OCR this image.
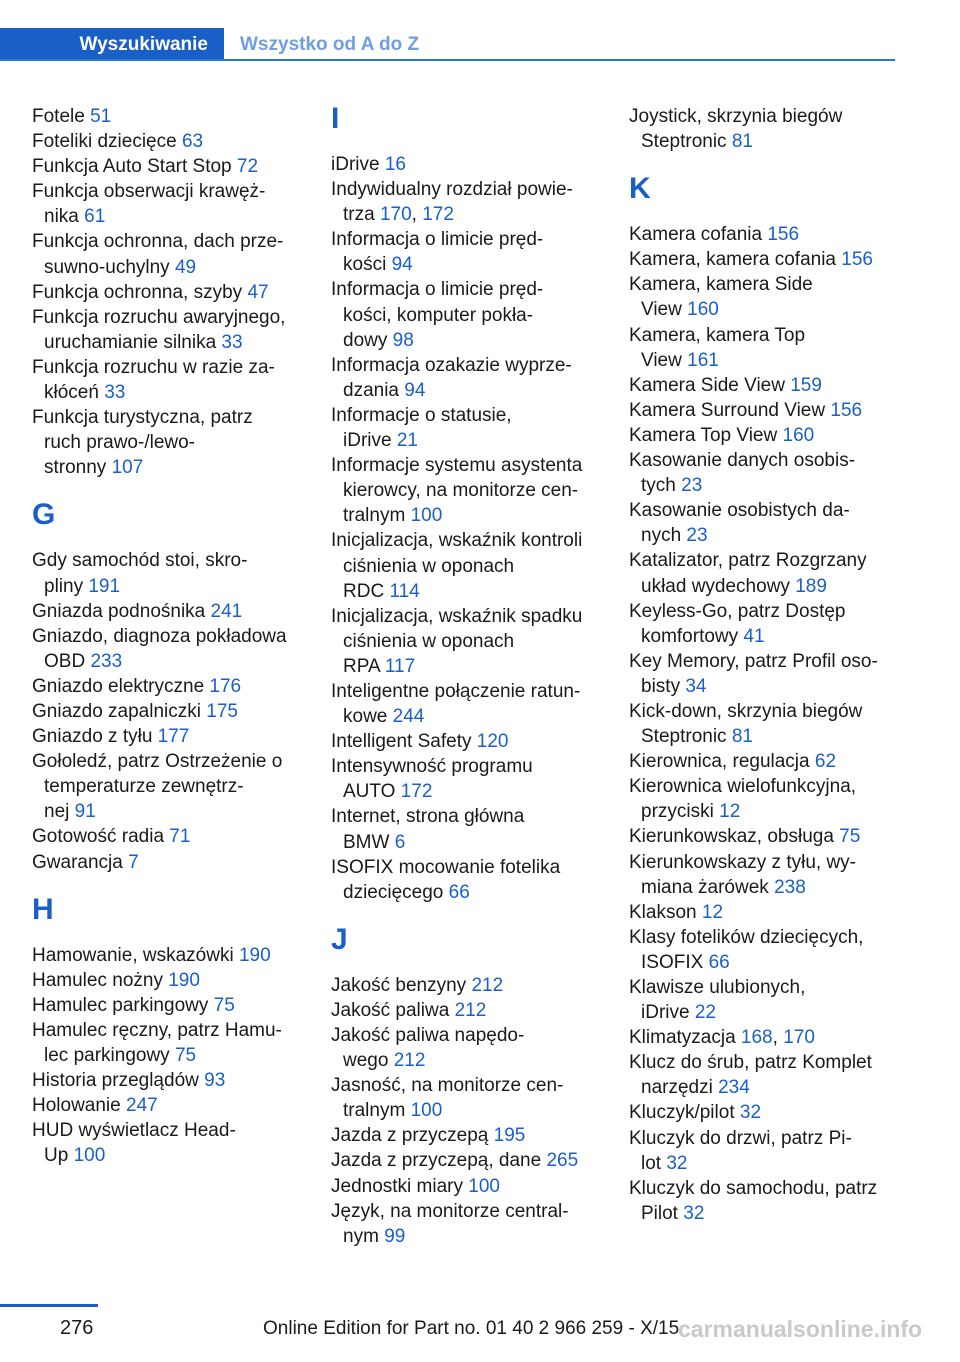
Wyszukiwanie	Wszystko od A do Z
Fotele 51
Foteliki dziecięce 63
Funkcja Auto Start Stop 72
Funkcja obserwacji krawęż-
nika 61
Funkcja ochronna, dach prze-
suwno-uchylny 49
Funkcja ochronna, szyby 47
Funkcja rozruchu awaryjnego,
uruchamianie silnika 33
Funkcja rozruchu w razie za-
kłóceń 33
Funkcja turystyczna, patrz
ruch prawo-/lewo-
stronny 107
G
Gdy samochód stoi, skro-
pliny 191
Gniazda podnośnika 241
Gniazdo, diagnoza pokładowa
OBD 233
Gniazdo elektryczne 176
Gniazdo zapalniczki 175
Gniazdo z tyłu 177
Gołoledź, patrz Ostrzeżenie o
temperaturze zewnętrz-
nej 91
Gotowość radia 71
Gwarancja 7
H
Hamowanie, wskazówki 190
Hamulec nożny 190
Hamulec parkingowy 75
Hamulec ręczny, patrz Hamu-
lec parkingowy 75
Historia przeglądów 93
Holowanie 247
HUD wyświetlacz Head-
Up 100
I
iDrive 16
Indywidualny rozdział powie-
trza 170, 172
Informacja o limicie pręd-
kości 94
Informacja o limicie pręd-
kości, komputer pokła-
dowy 98
Informacja ozakazie wyprze-
dzania 94
Informacje o statusie,
iDrive 21
Informacje systemu asystenta
kierowcy, na monitorze cen-
tralnym 100
Inicjalizacja, wskaźnik kontroli
ciśnienia w oponach
RDC 114
Inicjalizacja, wskaźnik spadku
ciśnienia w oponach
RPA 117
Inteligentne połączenie ratun-
kowe 244
Intelligent Safety 120
Intensywność programu
AUTO 172
Internet, strona główna
BMW 6
ISOFIX mocowanie fotelika
dziecięcego 66
J
Jakość benzyny 212
Jakość paliwa 212
Jakość paliwa napędo-
wego 212
Jasność, na monitorze cen-
tralnym 100
Jazda z przyczepą 195
Jazda z przyczepą, dane 265
Jednostki miary 100
Język, na monitorze central-
nym 99
Joystick, skrzynia biegów
Steptronic 81
K
Kamera cofania 156
Kamera, kamera cofania 156
Kamera, kamera Side
View 160
Kamera, kamera Top
View 161
Kamera Side View 159
Kamera Surround View 156
Kamera Top View 160
Kasowanie danych osobis-
tych 23
Kasowanie osobistych da-
nych 23
Katalizator, patrz Rozgrzany
układ wydechowy 189
Keyless-Go, patrz Dostęp
komfortowy 41
Key Memory, patrz Profil oso-
bisty 34
Kick-down, skrzynia biegów
Steptronic 81
Kierownica, regulacja 62
Kierownica wielofunkcyjna,
przyciski 12
Kierunkowskaz, obsługa 75
Kierunkowskazy z tyłu, wy-
miana żarówek 238
Klakson 12
Klasy fotelików dziecięcych,
ISOFIX 66
Klawisze ulubionych,
iDrive 22
Klimatyzacja 168, 170
Klucz do śrub, patrz Komplet
narzędzi 234
Kluczyk/pilot 32
Kluczyk do drzwi, patrz Pi-
lot 32
Kluczyk do samochodu, patrz
Pilot 32
276	Online Edition for Part no. 01 40 2 966 259 - X/15
carmanualsonline.info
